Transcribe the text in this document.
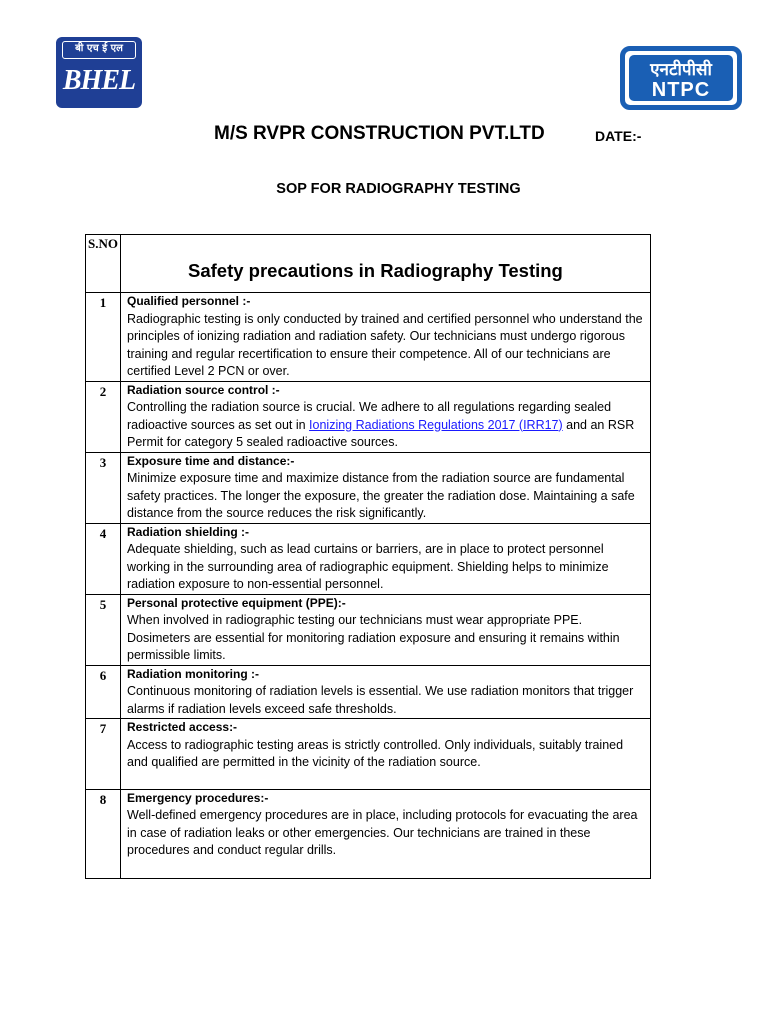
बी एच ई एल
BHEL	एनटीपीसी
NTPC
M/S RVPR CONSTRUCTION PVT.LTD	DATE:-
SOP FOR RADIOGRAPHY TESTING
S.NO	Safety precautions in Radiography Testing
1	Qualified personnel :-
Radiographic testing is only conducted by trained and certified personnel who understand the principles of ionizing radiation and radiation safety. Our technicians must undergo rigorous training and regular recertification to ensure their competence. All of our technicians are certified Level 2 PCN or over.

2	Radiation source control :-
Controlling the radiation source is crucial. We adhere to all regulations regarding sealed radioactive sources as set out in Ionizing Radiations Regulations 2017 (IRR17) and an RSR Permit for category 5 sealed radioactive sources.

3	Exposure time and distance:-
Minimize exposure time and maximize distance from the radiation source are fundamental safety practices. The longer the exposure, the greater the radiation dose. Maintaining a safe distance from the source reduces the risk significantly.

4	Radiation shielding :-
Adequate shielding, such as lead curtains or barriers, are in place to protect personnel working in the surrounding area of radiographic equipment. Shielding helps to minimize radiation exposure to non-essential personnel.

5	Personal protective equipment (PPE):-
When involved in radiographic testing our technicians must wear appropriate PPE. Dosimeters are essential for monitoring radiation exposure and ensuring it remains within permissible limits.

6	Radiation monitoring :-
Continuous monitoring of radiation levels is essential. We use radiation monitors that trigger alarms if radiation levels exceed safe thresholds.

7	Restricted access:-
Access to radiographic testing areas is strictly controlled. Only individuals, suitably trained and qualified are permitted in the vicinity of the radiation source.

8	Emergency procedures:-
Well-defined emergency procedures are in place, including protocols for evacuating the area in case of radiation leaks or other emergencies. Our technicians are trained in these procedures and conduct regular drills.
